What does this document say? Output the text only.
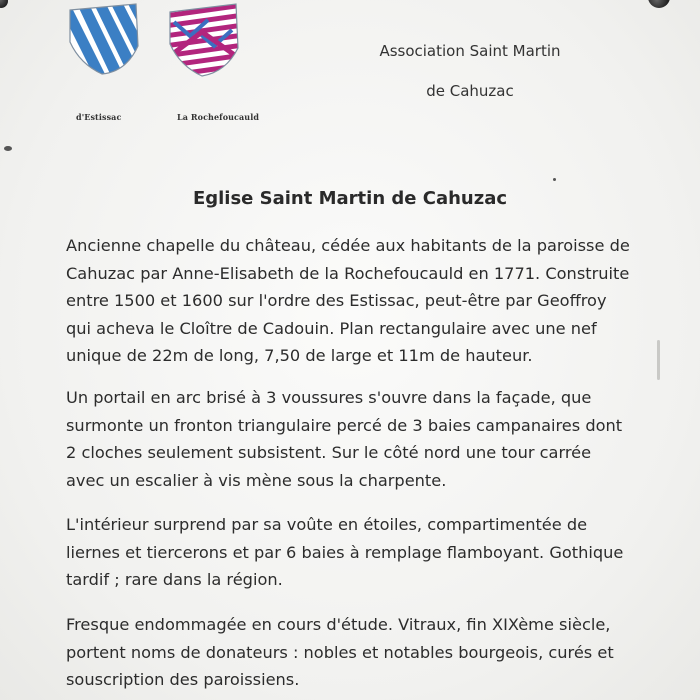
d'Estissac	La Rochefoucauld
Association Saint Martin
de Cahuzac
Eglise Saint Martin de Cahuzac
Ancienne chapelle du château, cédée aux habitants de la paroisse de
Cahuzac par Anne-Elisabeth de la Rochefoucauld en 1771. Construite
entre 1500 et 1600 sur l'ordre des Estissac, peut-être par Geoffroy
qui acheva le Cloître de Cadouin. Plan rectangulaire avec une nef
unique de 22m de long, 7,50 de large et 11m de hauteur.
Un portail en arc brisé à 3 voussures s'ouvre dans la façade, que
surmonte un fronton triangulaire percé de 3 baies campanaires dont
2 cloches seulement subsistent. Sur le côté nord une tour carrée
avec un escalier à vis mène sous la charpente.
L'intérieur surprend par sa voûte en étoiles, compartimentée de
liernes et tiercerons et par 6 baies à remplage flamboyant. Gothique
tardif ; rare dans la région.
Fresque endommagée en cours d'étude. Vitraux, fin XIXème siècle,
portent noms de donateurs : nobles et notables bourgeois, curés et
souscription des paroissiens.
